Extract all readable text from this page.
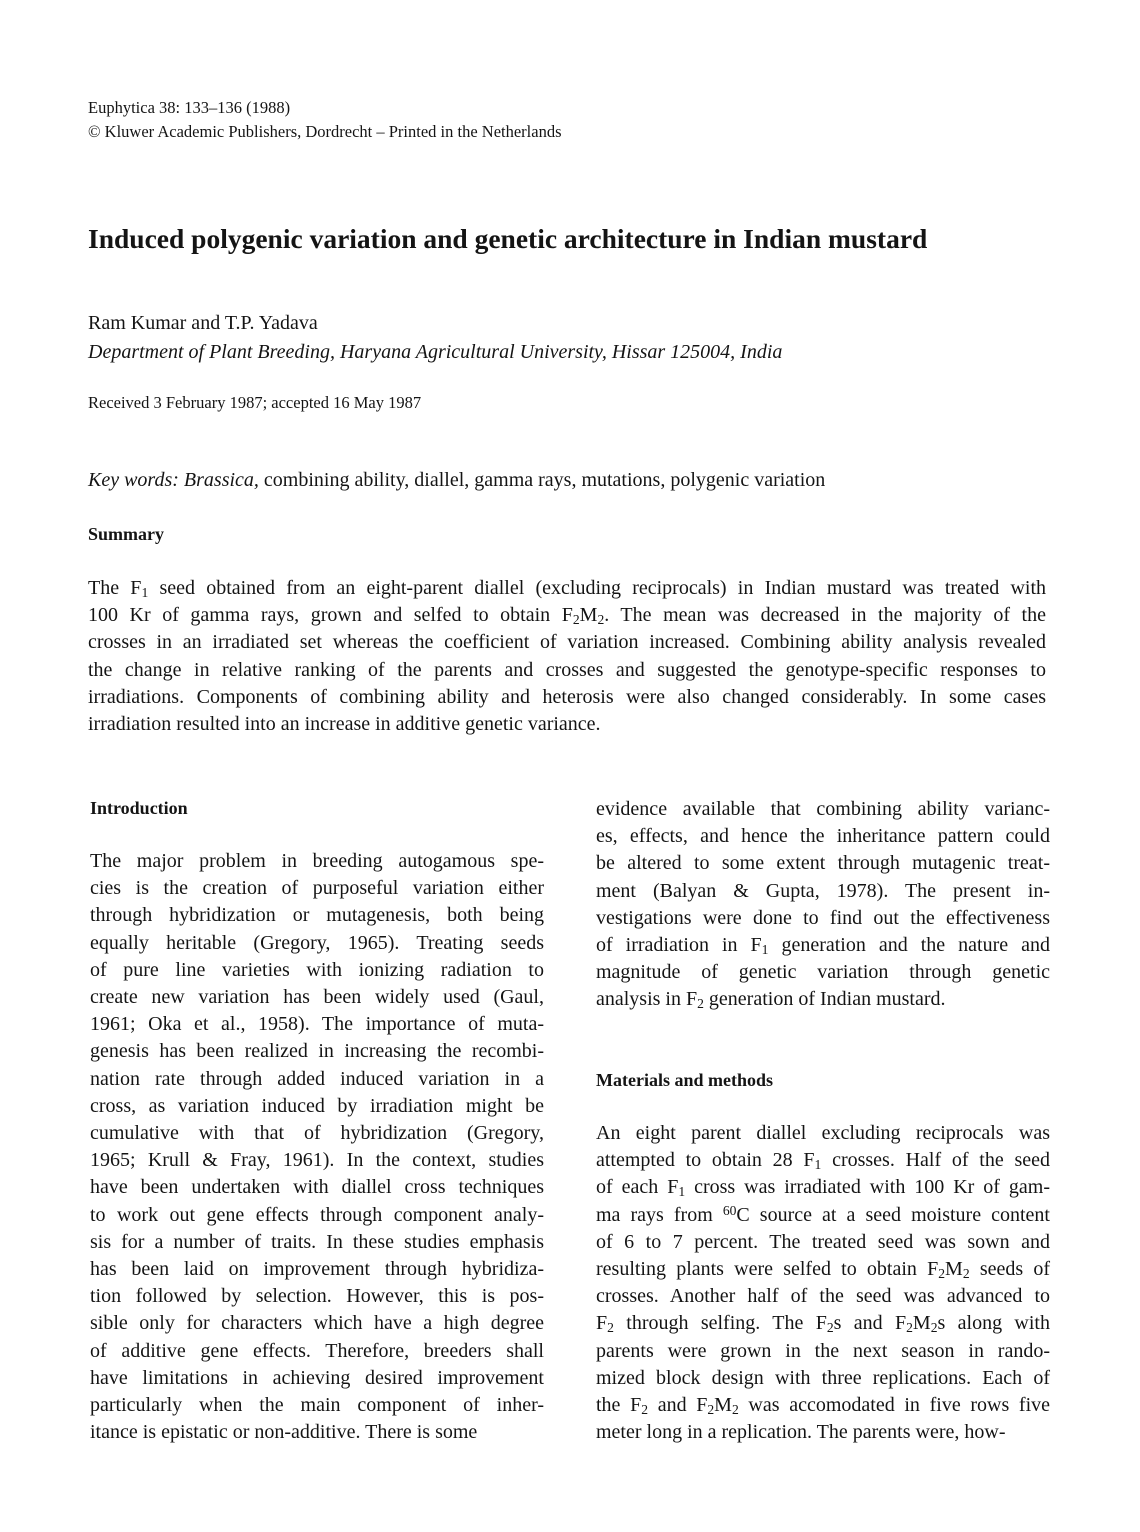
Euphytica 38: 133–136 (1988)
© Kluwer Academic Publishers, Dordrecht – Printed in the Netherlands
Induced polygenic variation and genetic architecture in Indian mustard
Ram Kumar and T.P. Yadava
Department of Plant Breeding, Haryana Agricultural University, Hissar 125004, India
Received 3 February 1987; accepted 16 May 1987
Key words: Brassica, combining ability, diallel, gamma rays, mutations, polygenic variation
Summary
The $F_1$ seed obtained from an eight-parent diallel (excluding reciprocals) in Indian mustard was treated with
100 Kr of gamma rays, grown and selfed to obtain $F_2M_2$. The mean was decreased in the majority of the
crosses in an irradiated set whereas the coefficient of variation increased. Combining ability analysis revealed
the change in relative ranking of the parents and crosses and suggested the genotype-specific responses to
irradiations. Components of combining ability and heterosis were also changed considerably. In some cases
irradiation resulted into an increase in additive genetic variance.
Introduction
The major problem in breeding autogamous spe-
cies is the creation of purposeful variation either
through hybridization or mutagenesis, both being
equally heritable (Gregory, 1965). Treating seeds
of pure line varieties with ionizing radiation to
create new variation has been widely used (Gaul,
1961; Oka et al., 1958). The importance of muta-
genesis has been realized in increasing the recombi-
nation rate through added induced variation in a
cross, as variation induced by irradiation might be
cumulative with that of hybridization (Gregory,
1965; Krull & Fray, 1961). In the context, studies
have been undertaken with diallel cross techniques
to work out gene effects through component analy-
sis for a number of traits. In these studies emphasis
has been laid on improvement through hybridiza-
tion followed by selection. However, this is pos-
sible only for characters which have a high degree
of additive gene effects. Therefore, breeders shall
have limitations in achieving desired improvement
particularly when the main component of inher-
itance is epistatic or non-additive. There is some
evidence available that combining ability varianc-
es, effects, and hence the inheritance pattern could
be altered to some extent through mutagenic treat-
ment (Balyan & Gupta, 1978). The present in-
vestigations were done to find out the effectiveness
of irradiation in $F_1$ generation and the nature and
magnitude of genetic variation through genetic
analysis in $F_2$ generation of Indian mustard.
Materials and methods
An eight parent diallel excluding reciprocals was
attempted to obtain 28 $F_1$ crosses. Half of the seed
of each $F_1$ cross was irradiated with 100 Kr of gam-
ma rays from $^{60}$C source at a seed moisture content
of 6 to 7 percent. The treated seed was sown and
resulting plants were selfed to obtain $F_2M_2$ seeds of
crosses. Another half of the seed was advanced to
$F_2$ through selfing. The $F_2s$ and $F_2M_2s$ along with
parents were grown in the next season in rando-
mized block design with three replications. Each of
the $F_2$ and $F_2M_2$ was accomodated in five rows five
meter long in a replication. The parents were, how-
